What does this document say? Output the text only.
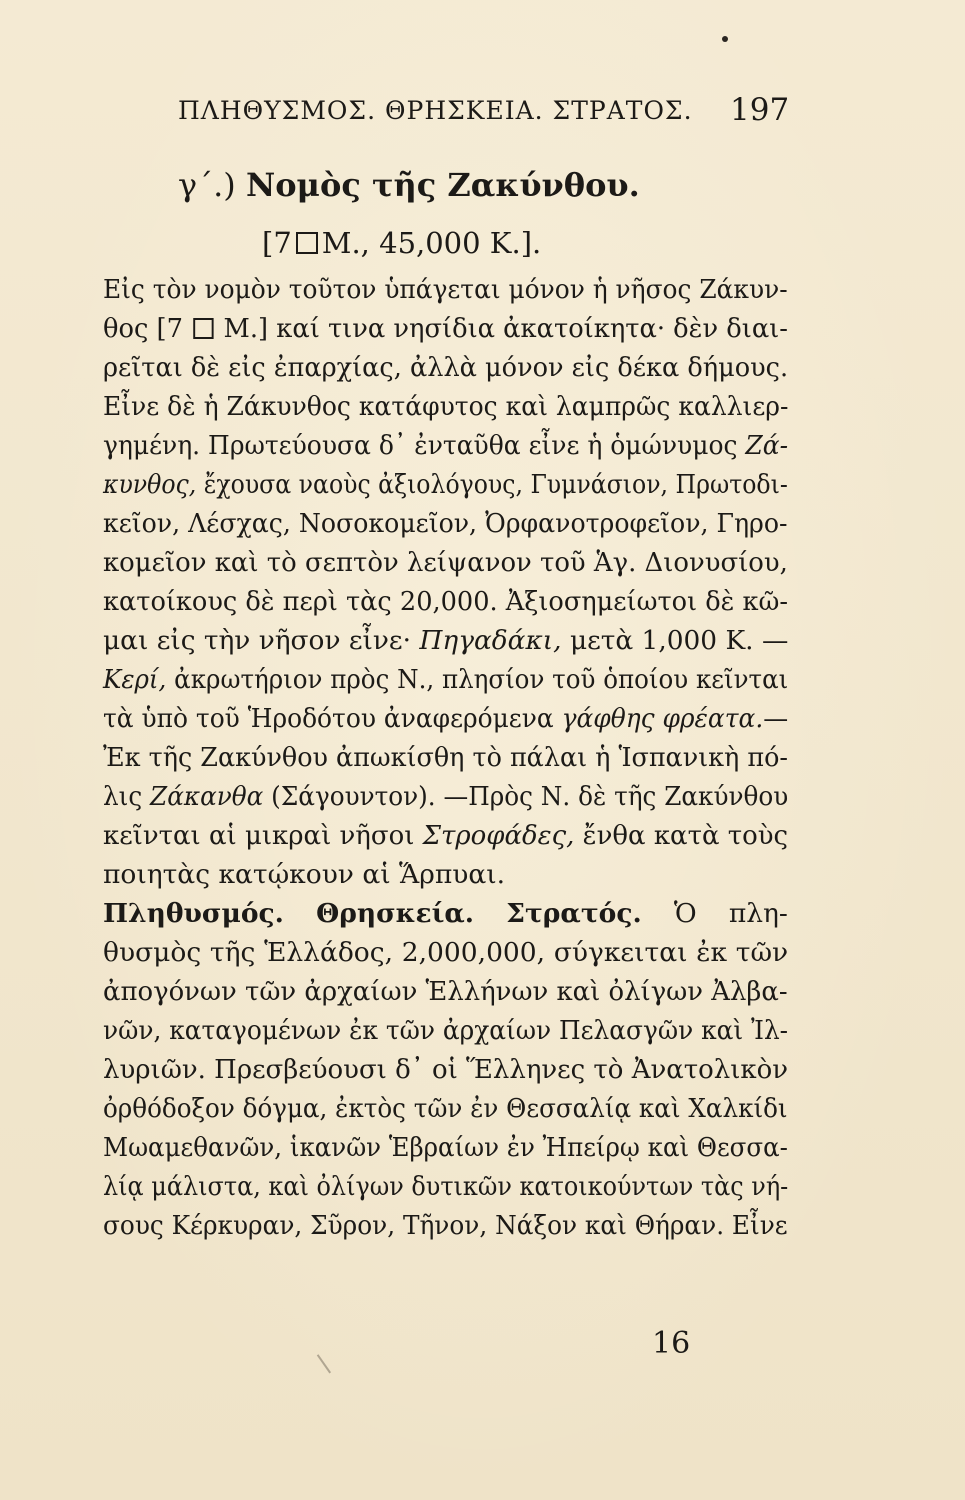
ΠΛΗΘΥΣΜΟΣ. ΘΡΗΣΚΕΙΑ. ΣΤΡΑΤΟΣ. 197
γ΄.) Νομὸς τῆς Ζακύνθου.
[7 Μ., 45,000 Κ.].
Εἰς τὸν νομὸν τοῦτον ὑπάγεται μόνον ἡ νῆσος Ζάκυν-
θος [7 Μ.] καί τινα νησίδια ἀκατοίκητα· δὲν διαι-
ρεῖται δὲ εἰς ἐπαρχίας, ἀλλὰ μόνον εἰς δέκα δήμους.
Εἶνε δὲ ἡ Ζάκυνθος κατάφυτος καὶ λαμπρῶς καλλιερ-
γημένη. Πρωτεύουσα δ᾽ ἐνταῦθα εἶνε ἡ ὁμώνυμος Ζά-
κυνθος, ἔχουσα ναοὺς ἀξιολόγους, Γυμνάσιον, Πρωτοδι-
κεῖον, Λέσχας, Νοσοκομεῖον, Ὀρφανοτροφεῖον, Γηρο-
κομεῖον καὶ τὸ σεπτὸν λείψανον τοῦ Ἁγ. Διονυσίου,
κατοίκους δὲ περὶ τὰς 20,000. Ἀξιοσημείωτοι δὲ κῶ-
μαι εἰς τὴν νῆσον εἶνε· Πηγαδάκι, μετὰ 1,000 Κ. —
Κερί, ἀκρωτήριον πρὸς Ν., πλησίον τοῦ ὁποίου κεῖνται
τὰ ὑπὸ τοῦ Ἡροδότου ἀναφερόμενα γάφθης φρέατα.—
Ἐκ τῆς Ζακύνθου ἀπωκίσθη τὸ πάλαι ἡ Ἱσπανικὴ πό-
λις Ζάκανθα (Σάγουντον). —Πρὸς Ν. δὲ τῆς Ζακύνθου
κεῖνται αἱ μικραὶ νῆσοι Στροφάδες, ἔνθα κατὰ τοὺς
ποιητὰς κατῴκουν αἱ Ἅρπυαι.
Πληθυσμός. Θρησκεία. Στρατός. Ὁ πλη-
θυσμὸς τῆς Ἑλλάδος, 2,000,000, σύγκειται ἐκ τῶν
ἀπογόνων τῶν ἀρχαίων Ἑλλήνων καὶ ὀλίγων Ἀλβα-
νῶν, καταγομένων ἐκ τῶν ἀρχαίων Πελασγῶν καὶ Ἰλ-
λυριῶν. Πρεσβεύουσι δ᾽ οἱ Ἕλληνες τὸ Ἀνατολικὸν
ὀρθόδοξον δόγμα, ἐκτὸς τῶν ἐν Θεσσαλίᾳ καὶ Χαλκίδι
Μωαμεθανῶν, ἱκανῶν Ἑβραίων ἐν Ἠπείρῳ καὶ Θεσσα-
λίᾳ μάλιστα, καὶ ὀλίγων δυτικῶν κατοικούντων τὰς νή-
σους Κέρκυραν, Σῦρον, Τῆνον, Νάξον καὶ Θήραν. Εἶνε
16
